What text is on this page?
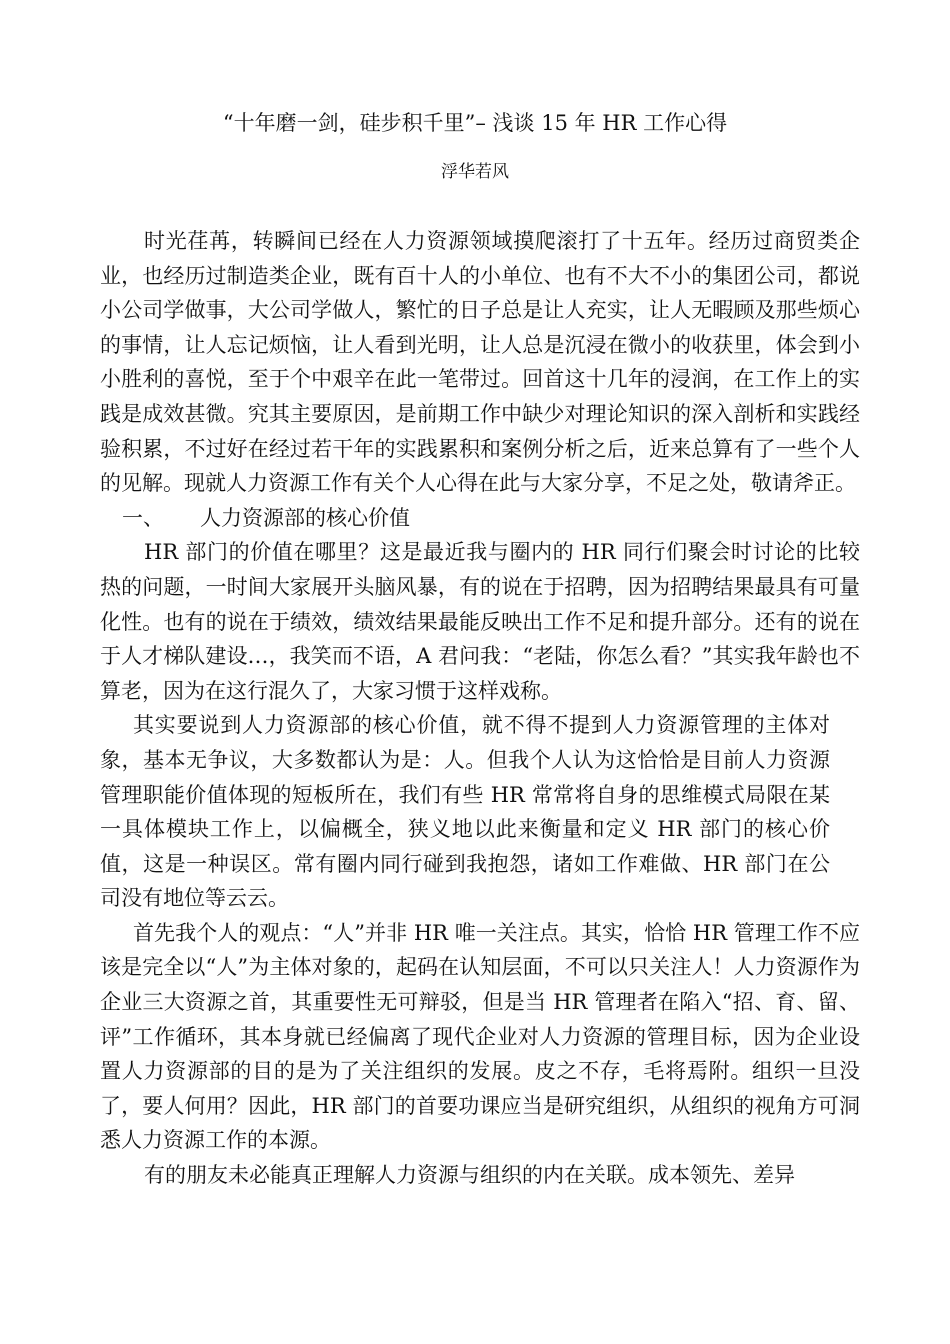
“十年磨一剑，硅步积千里”– 浅谈 15 年 HR 工作心得
浮华若风

时光荏苒，转瞬间已经在人力资源领域摸爬滚打了十五年。经历过商贸类企业，也经历过制造类企业，既有百十人的小单位、也有不大不小的集团公司，都说小公司学做事，大公司学做人，繁忙的日子总是让人充实，让人无暇顾及那些烦心的事情，让人忘记烦恼，让人看到光明，让人总是沉浸在微小的收获里，体会到小小胜利的喜悦，至于个中艰辛在此一笔带过。回首这十几年的浸润，在工作上的实践是成效甚微。究其主要原因，是前期工作中缺少对理论知识的深入剖析和实践经验积累，不过好在经过若干年的实践累积和案例分析之后，近来总算有了一些个人的见解。现就人力资源工作有关个人心得在此与大家分享，不足之处，敬请斧正。

一、 人力资源部的核心价值

HR 部门的价值在哪里？这是最近我与圈内的 HR 同行们聚会时讨论的比较热的问题，一时间大家展开头脑风暴，有的说在于招聘，因为招聘结果最具有可量化性。也有的说在于绩效，绩效结果最能反映出工作不足和提升部分。还有的说在于人才梯队建设…，我笑而不语，A 君问我：“老陆，你怎么看？”其实我年龄也不算老，因为在这行混久了，大家习惯于这样戏称。

其实要说到人力资源部的核心价值，就不得不提到人力资源管理的主体对象，基本无争议，大多数都认为是：人。但我个人认为这恰恰是目前人力资源管理职能价值体现的短板所在，我们有些 HR 常常将自身的思维模式局限在某一具体模块工作上，以偏概全，狭义地以此来衡量和定义 HR 部门的核心价值，这是一种误区。常有圈内同行碰到我抱怨，诸如工作难做、HR 部门在公司没有地位等云云。

首先我个人的观点：“人”并非 HR 唯一关注点。其实，恰恰 HR 管理工作不应该是完全以“人”为主体对象的，起码在认知层面，不可以只关注人！人力资源作为企业三大资源之首，其重要性无可辩驳，但是当 HR 管理者在陷入“招、育、留、评”工作循环，其本身就已经偏离了现代企业对人力资源的管理目标，因为企业设置人力资源部的目的是为了关注组织的发展。皮之不存，毛将焉附。组织一旦没了，要人何用？因此，HR 部门的首要功课应当是研究组织，从组织的视角方可洞悉人力资源工作的本源。

有的朋友未必能真正理解人力资源与组织的内在关联。成本领先、差异
